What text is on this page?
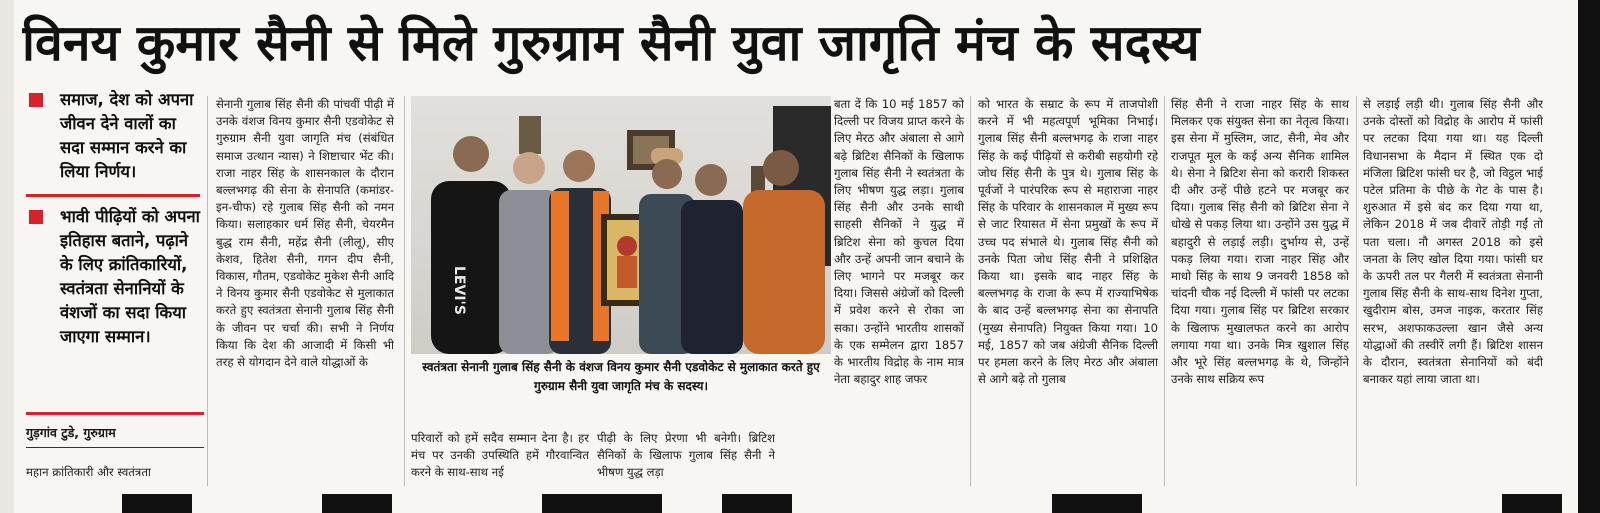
विनय कुमार सैनी से मिले गुरुग्राम सैनी युवा जागृति मंच के सदस्य
समाज, देश को अपना जीवन देने वालों का सदा सम्मान करने का लिया निर्णय।
भावी पीढ़ियों को अपना इतिहास बताने, पढ़ाने के लिए क्रांतिकारियों, स्वतंत्रता सेनानियों के वंशजों का सदा किया जाएगा सम्मान।
गुड़गांव टुडे, गुरुग्राम
महान क्रांतिकारी और स्वतंत्रता
सेनानी गुलाब सिंह सैनी की पांचवीं पीढ़ी में उनके वंशज विनय कुमार सैनी एडवोकेट से गुरुग्राम सैनी युवा जागृति मंच (संबंधित समाज उत्थान न्यास) ने शिष्टाचार भेंट की। राजा नाहर सिंह के शासनकाल के दौरान बल्लभगढ़ की सेना के सेनापति (कमांडर-इन-चीफ) रहे गुलाब सिंह सैनी को नमन किया। सलाहकार धर्म सिंह सैनी, चेयरमैन बुद्ध राम सैनी, महेंद्र सैनी (लीलू), सीए केशव, हितेश सैनी, गगन दीप सैनी, विकास, गौतम, एडवोकेट मुकेश सैनी आदि ने विनय कुमार सैनी एडवोकेट से मुलाकात करते हुए स्वतंत्रता सेनानी गुलाब सिंह सैनी के जीवन पर चर्चा की। सभी ने निर्णय किया कि देश की आजादी में किसी भी तरह से योगदान देने वाले योद्धाओं के
LEVI'S
स्वतंत्रता सेनानी गुलाब सिंह सैनी के वंशज विनय कुमार सैनी एडवोकेट से मुलाकात करते हुए गुरुग्राम सैनी युवा जागृति मंच के सदस्य।
परिवारों को हमें सदैव सम्मान देना है। हर मंच पर उनकी उपस्थिति हमें गौरवान्वित करने के साथ-साथ नई
पीढ़ी के लिए प्रेरणा भी बनेगी। ब्रिटिश सैनिकों के खिलाफ गुलाब सिंह सैनी ने भीषण युद्ध लड़ा
बता दें कि 10 मई 1857 को दिल्ली पर विजय प्राप्त करने के लिए मेरठ और अंबाला से आगे बढ़े ब्रिटिश सैनिकों के खिलाफ गुलाब सिंह सैनी ने स्वतंत्रता के लिए भीषण युद्ध लड़ा। गुलाब सिंह सैनी और उनके साथी साहसी सैनिकों ने युद्ध में ब्रिटिश सेना को कुचल दिया और उन्हें अपनी जान बचाने के लिए भागने पर मजबूर कर दिया। जिससे अंग्रेजों को दिल्ली में प्रवेश करने से रोका जा सका। उन्होंने भारतीय शासकों के एक सम्मेलन द्वारा 1857 के भारतीय विद्रोह के नाम मात्र नेता बहादुर शाह जफर
को भारत के सम्राट के रूप में ताजपोशी करने में भी महत्वपूर्ण भूमिका निभाई। गुलाब सिंह सैनी बल्लभगढ़ के राजा नाहर सिंह के कई पीढ़ियों से करीबी सहयोगी रहे जोध सिंह सैनी के पुत्र थे। गुलाब सिंह के पूर्वजों ने पारंपरिक रूप से महाराजा नाहर सिंह के परिवार के शासनकाल में मुख्य रूप से जाट रियासत में सेना प्रमुखों के रूप में उच्च पद संभाले थे। गुलाब सिंह सैनी को उनके पिता जोध सिंह सैनी ने प्रशिक्षित किया था। इसके बाद नाहर सिंह के बल्लभगढ़ के राजा के रूप में राज्याभिषेक के बाद उन्हें बल्लभगढ़ सेना का सेनापति (मुख्य सेनापति) नियुक्त किया गया। 10 मई, 1857 को जब अंग्रेजी सैनिक दिल्ली पर हमला करने के लिए मेरठ और अंबाला से आगे बढ़े तो गुलाब
सिंह सैनी ने राजा नाहर सिंह के साथ मिलकर एक संयुक्त सेना का नेतृत्व किया। इस सेना में मुस्लिम, जाट, सैनी, मेव और राजपूत मूल के कई अन्य सैनिक शामिल थे। सेना ने ब्रिटिश सेना को करारी शिकस्त दी और उन्हें पीछे हटने पर मजबूर कर दिया। गुलाब सिंह सैनी को ब्रिटिश सेना ने धोखे से पकड़ लिया था। उन्होंने उस युद्ध में बहादुरी से लड़ाई लड़ी। दुर्भाग्य से, उन्हें पकड़ लिया गया। राजा नाहर सिंह और माधो सिंह के साथ 9 जनवरी 1858 को चांदनी चौक नई दिल्ली में फांसी पर लटका दिया गया। गुलाब सिंह पर ब्रिटिश सरकार के खिलाफ मुखालफत करने का आरोप लगाया गया था। उनके मित्र खुशाल सिंह और भूरे सिंह बल्लभगढ़ के थे, जिन्होंने उनके साथ सक्रिय रूप
से लड़ाई लड़ी थी। गुलाब सिंह सैनी और उनके दोस्तों को विद्रोह के आरोप में फांसी पर लटका दिया गया था। यह दिल्ली विधानसभा के मैदान में स्थित एक दो मंजिला ब्रिटिश फांसी घर है, जो विट्ठल भाई पटेल प्रतिमा के पीछे के गेट के पास है। शुरुआत में इसे बंद कर दिया गया था, लेकिन 2018 में जब दीवारें तोड़ी गईं तो पता चला। नौ अगस्त 2018 को इसे जनता के लिए खोल दिया गया। फांसी घर के ऊपरी तल पर गैलरी में स्वतंत्रता सेनानी गुलाब सिंह सैनी के साथ-साथ दिनेश गुप्ता, खुदीराम बोस, उमज नाइक, करतार सिंह सरभ, अशफाकउल्ला खान जैसे अन्य योद्धाओं की तस्वीरें लगी हैं। ब्रिटिश शासन के दौरान, स्वतंत्रता सेनानियों को बंदी बनाकर यहां लाया जाता था।
